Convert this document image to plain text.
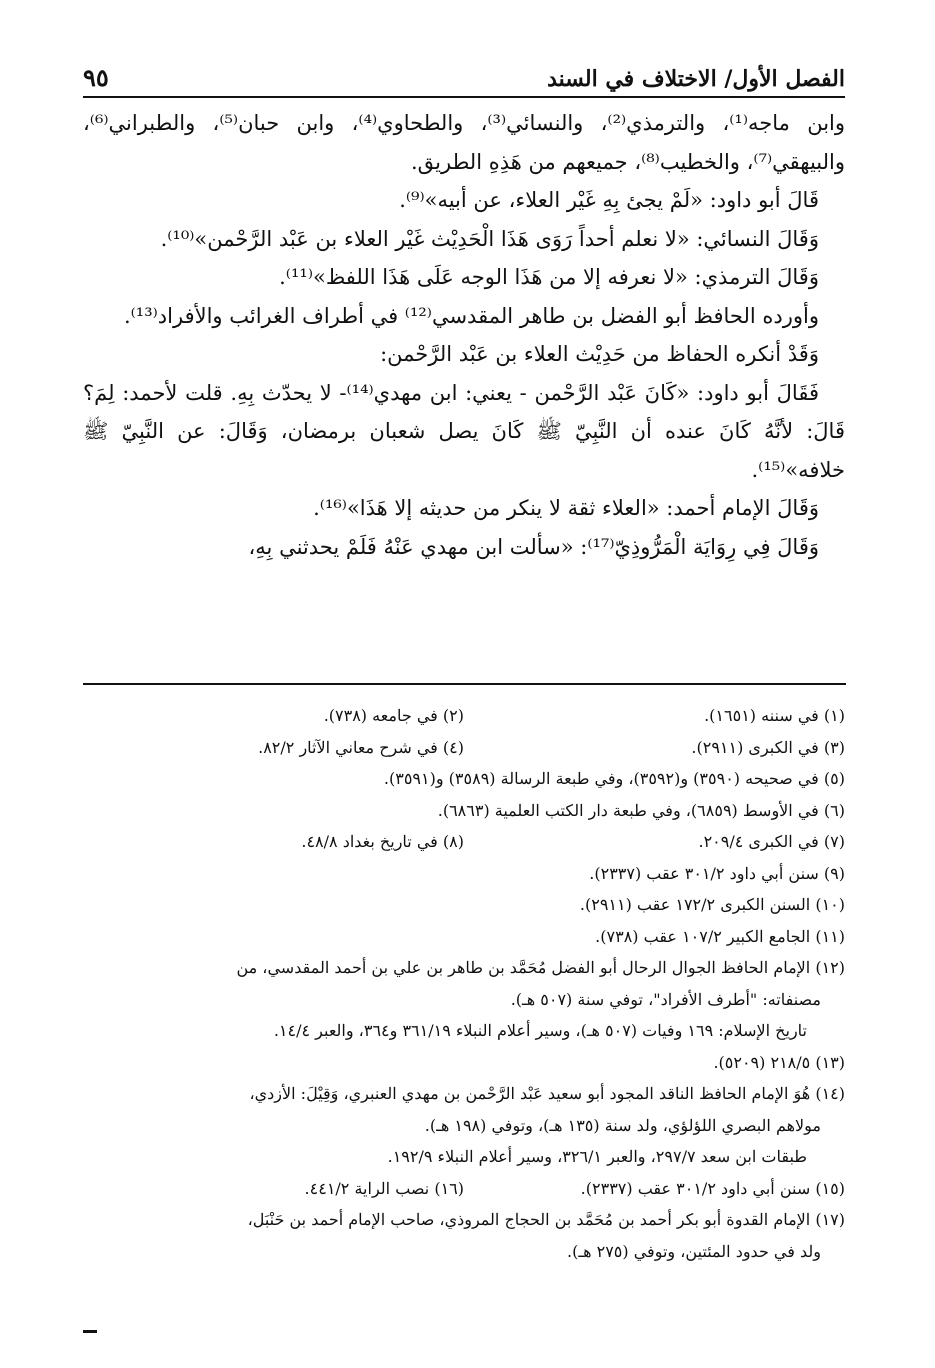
الفصل الأول/ الاختلاف في السند
٩٥

وابن ماجه⁽¹⁾، والترمذي⁽²⁾، والنسائي⁽³⁾، والطحاوي⁽⁴⁾، وابن حبان⁽⁵⁾، والطبراني⁽⁶⁾، والبيهقي⁽⁷⁾، والخطيب⁽⁸⁾، جميعهم من هَذِهِ الطريق.

قَالَ أبو داود: «لَمْ يجئ بِهِ غَيْر العلاء، عن أبيه»⁽⁹⁾.

وَقَالَ النسائي: «لا نعلم أحداً رَوَى هَذَا الْحَدِيْث غَيْر العلاء بن عَبْد الرَّحْمن»⁽¹⁰⁾.

وَقَالَ الترمذي: «لا نعرفه إلا من هَذَا الوجه عَلَى هَذَا اللفظ»⁽¹¹⁾.

وأورده الحافظ أبو الفضل بن طاهر المقدسي⁽¹²⁾ في أطراف الغرائب والأفراد⁽¹³⁾.

وَقَدْ أنكره الحفاظ من حَدِيْث العلاء بن عَبْد الرَّحْمن:

فَقَالَ أبو داود: «كَانَ عَبْد الرَّحْمن - يعني: ابن مهدي⁽¹⁴⁾- لا يحدّث بِهِ. قلت لأحمد: لِمَ؟ قَالَ: لأنَّهُ كَانَ عنده أن النَّبِيّ ﷺ كَانَ يصل شعبان برمضان، وَقَالَ: عن النَّبِيّ ﷺ خلافه»⁽¹⁵⁾.

وَقَالَ الإمام أحمد: «العلاء ثقة لا ينكر من حديثه إلا هَذَا»⁽¹⁶⁾.

وَقَالَ فِي رِوَايَة الْمَرُّوذِيّ⁽¹⁷⁾: «سألت ابن مهدي عَنْهُ فَلَمْ يحدثني بِهِ،

(١) في سننه (١٦٥١).
(٢) في جامعه (٧٣٨).
(٣) في الكبرى (٢٩١١).
(٤) في شرح معاني الآثار ٨٢/٢.
(٥) في صحيحه (٣٥٩٠) و(٣٥٩٢)، وفي طبعة الرسالة (٣٥٨٩) و(٣٥٩١).
(٦) في الأوسط (٦٨٥٩)، وفي طبعة دار الكتب العلمية (٦٨٦٣).
(٧) في الكبرى ٢٠٩/٤.
(٨) في تاريخ بغداد ٤٨/٨.
(٩) سنن أبي داود ٣٠١/٢ عقب (٢٣٣٧).
(١٠) السنن الكبرى ١٧٢/٢ عقب (٢٩١١).
(١١) الجامع الكبير ١٠٧/٢ عقب (٧٣٨).
(١٢) الإمام الحافظ الجوال الرحال أبو الفضل مُحَمَّد بن طاهر بن علي بن أحمد المقدسي، من
مصنفاته: "أطرف الأفراد"، توفي سنة (٥٠٧ هـ).
تاريخ الإسلام: ١٦٩ وفيات (٥٠٧ هـ)، وسير أعلام النبلاء ٣٦١/١٩ و٣٦٤، والعبر ١٤/٤.
(١٣) ٢١٨/٥ (٥٢٠٩).
(١٤) هُوَ الإمام الحافظ الناقد المجود أبو سعيد عَبْد الرَّحْمن بن مهدي العنبري، وَقِيْلَ: الأزدي،
مولاهم البصري اللؤلؤي، ولد سنة (١٣٥ هـ)، وتوفي (١٩٨ هـ).
طبقات ابن سعد ٢٩٧/٧، والعبر ٣٢٦/١، وسير أعلام النبلاء ١٩٢/٩.
(١٥) سنن أبي داود ٣٠١/٢ عقب (٢٣٣٧).
(١٦) نصب الراية ٤٤١/٢.
(١٧) الإمام القدوة أبو بكر أحمد بن مُحَمَّد بن الحجاج المروذي، صاحب الإمام أحمد بن حَنْبَل،
ولد في حدود المئتين، وتوفي (٢٧٥ هـ).
